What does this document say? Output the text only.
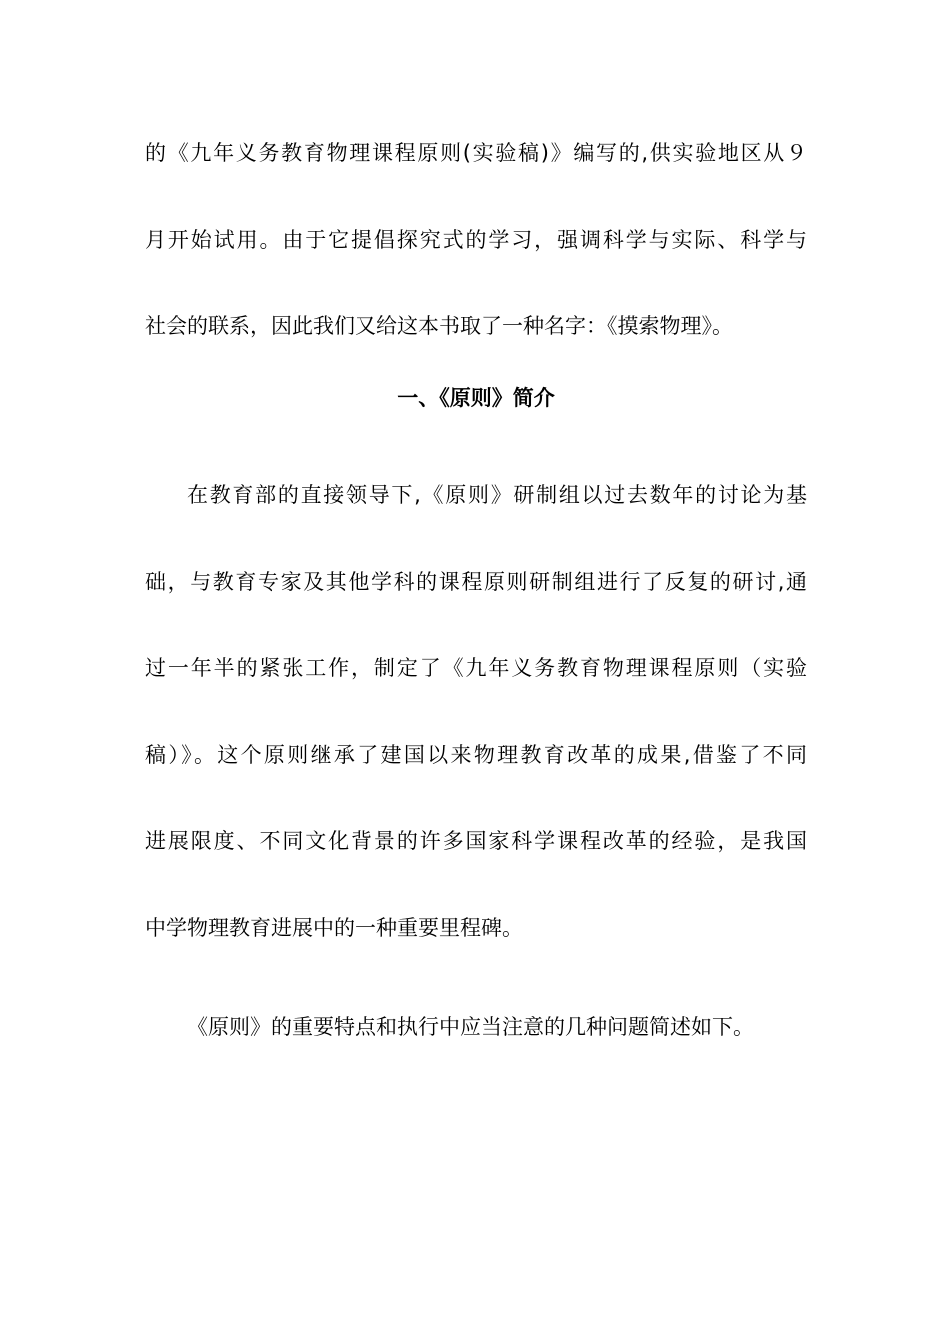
的《九年义务教育物理课程原则(实验稿)》编写的,供实验地区从９
月开始试用。由于它提倡探究式的学习，强调科学与实际、科学与
社会的联系，因此我们又给这本书取了一种名字：《摸索物理》。
一、《原则》简介
在教育部的直接领导下,《原则》研制组以过去数年的讨论为基
础，与教育专家及其他学科的课程原则研制组进行了反复的研讨,通
过一年半的紧张工作，制定了《九年义务教育物理课程原则（实验
稿）》。这个原则继承了建国以来物理教育改革的成果,借鉴了不同
进展限度、不同文化背景的许多国家科学课程改革的经验，是我国
中学物理教育进展中的一种重要里程碑。
《原则》的重要特点和执行中应当注意的几种问题简述如下。
